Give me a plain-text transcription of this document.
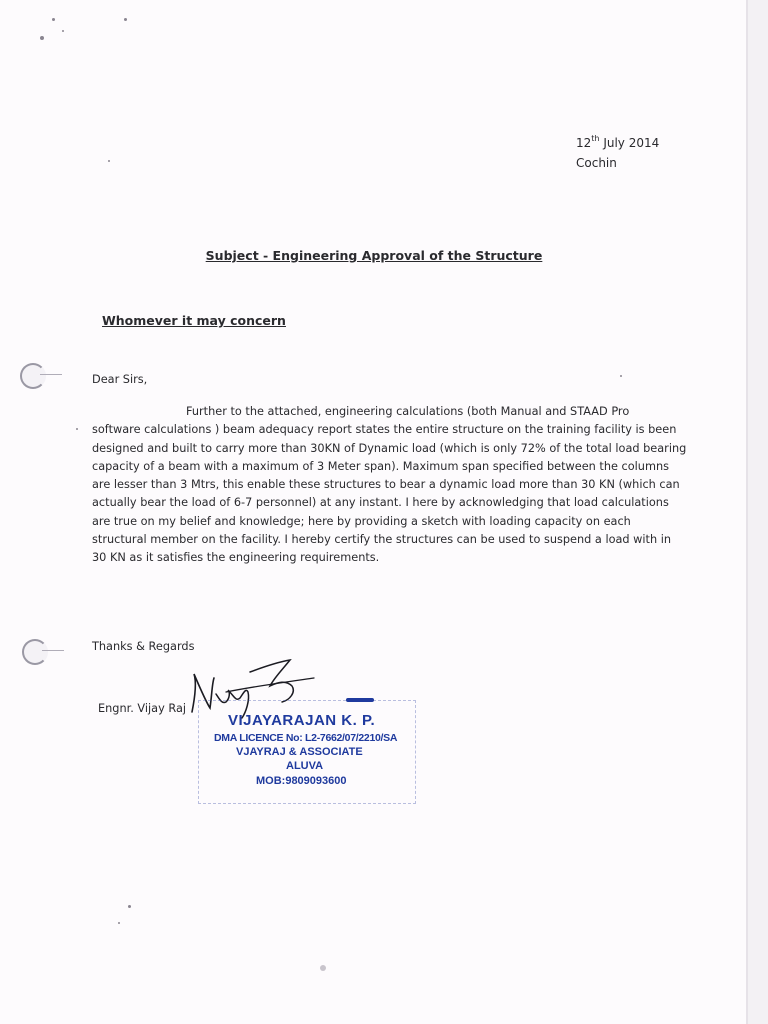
12th July 2014
Cochin
Subject - Engineering Approval of the Structure
Whomever it may concern
Dear Sirs,
Further to the attached, engineering calculations (both Manual and STAAD Pro
software calculations ) beam adequacy report states the entire structure on the training facility is been
designed and built to carry more than 30KN of Dynamic load (which is only 72% of the total load bearing
capacity of a beam with a maximum of 3 Meter span). Maximum span specified between the columns
are lesser than 3 Mtrs, this enable these structures to bear a dynamic load more than 30 KN (which can
actually bear the load of 6-7 personnel) at any instant. I here by acknowledging that load calculations
are true on my belief and knowledge; here by providing a sketch with loading capacity on each
structural member on the facility. I hereby certify the structures can be used to suspend a load with in
30 KN as it satisfies the engineering requirements.
Thanks & Regards
Engnr. Vijay Raj
VIJAYARAJAN K. P.
DMA LICENCE No: L2-7662/07/2210/SA
VJAYRAJ & ASSOCIATE
ALUVA
MOB:9809093600
